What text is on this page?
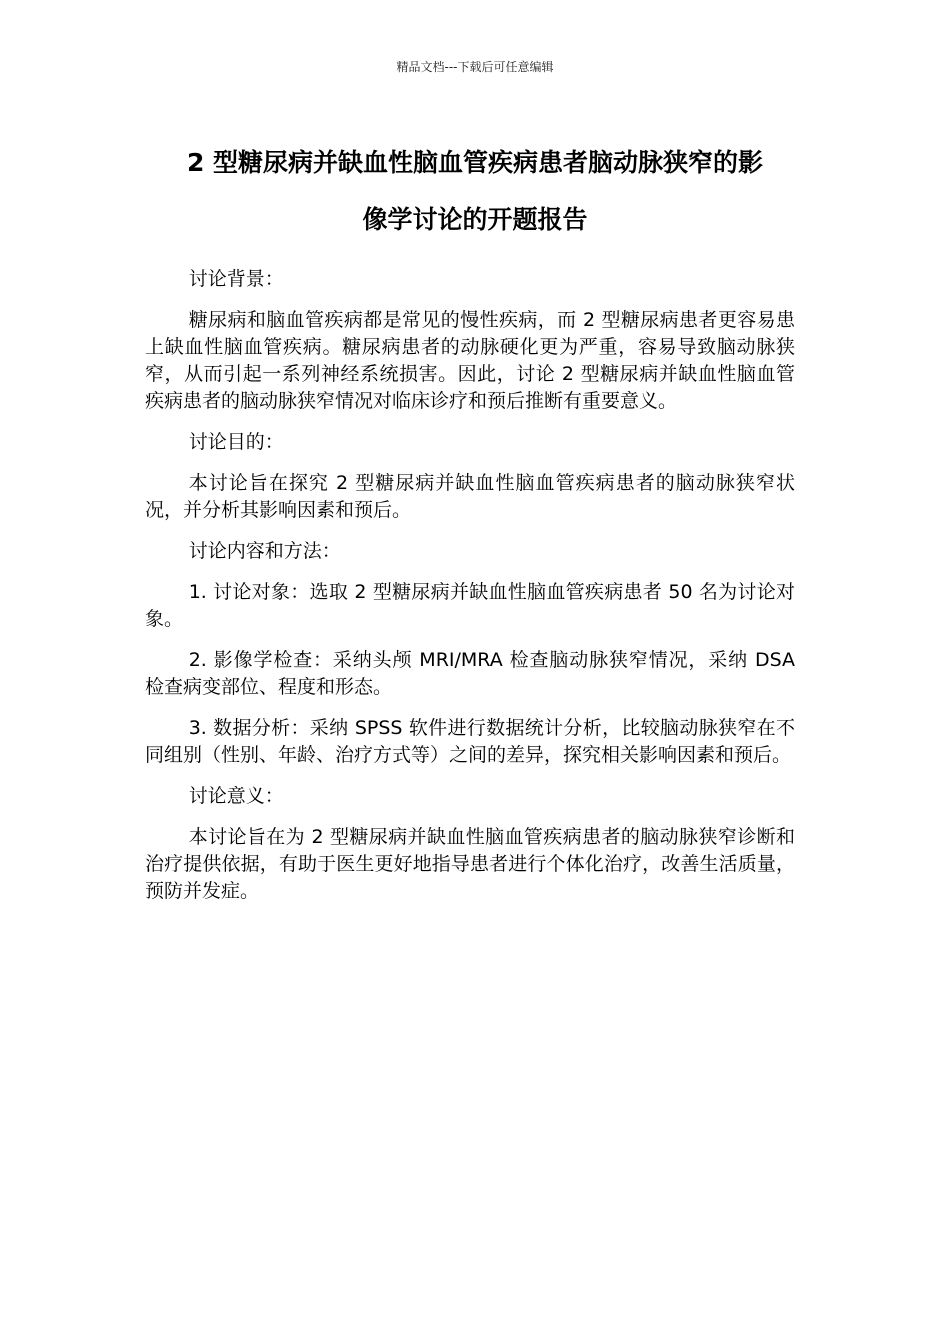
精品文档---下载后可任意编辑
2 型糖尿病并缺血性脑血管疾病患者脑动脉狭窄的影
像学讨论的开题报告

讨论背景：

糖尿病和脑血管疾病都是常见的慢性疾病，而 2 型糖尿病患者更容易患上缺血性脑血管疾病。糖尿病患者的动脉硬化更为严重，容易导致脑动脉狭窄，从而引起一系列神经系统损害。因此，讨论 2 型糖尿病并缺血性脑血管疾病患者的脑动脉狭窄情况对临床诊疗和预后推断有重要意义。

讨论目的：

本讨论旨在探究 2 型糖尿病并缺血性脑血管疾病患者的脑动脉狭窄状况，并分析其影响因素和预后。

讨论内容和方法：

1. 讨论对象：选取 2 型糖尿病并缺血性脑血管疾病患者 50 名为讨论对象。

2. 影像学检查：采纳头颅 MRI/MRA 检查脑动脉狭窄情况，采纳 DSA 检查病变部位、程度和形态。

3. 数据分析：采纳 SPSS 软件进行数据统计分析，比较脑动脉狭窄在不同组别（性别、年龄、治疗方式等）之间的差异，探究相关影响因素和预后。

讨论意义：

本讨论旨在为 2 型糖尿病并缺血性脑血管疾病患者的脑动脉狭窄诊断和治疗提供依据，有助于医生更好地指导患者进行个体化治疗，改善生活质量，预防并发症。
